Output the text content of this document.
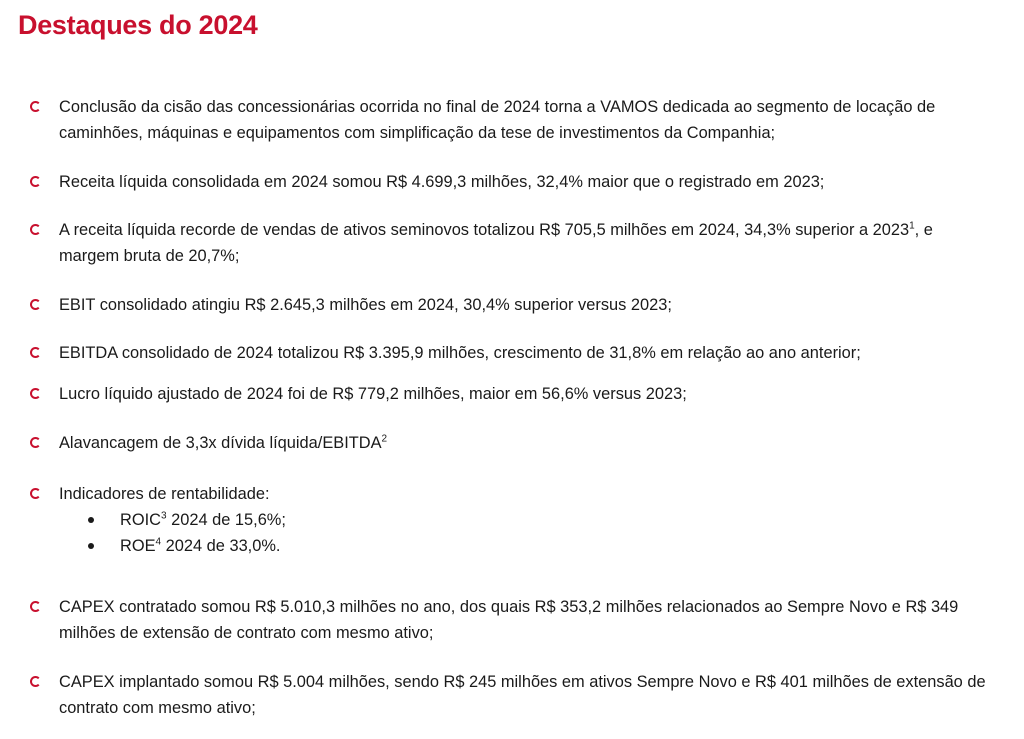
Destaques do 2024
Conclusão da cisão das concessionárias ocorrida no final de 2024 torna a VAMOS dedicada ao segmento de locação de caminhões, máquinas e equipamentos com simplificação da tese de investimentos da Companhia;
Receita líquida consolidada em 2024 somou R$ 4.699,3 milhões, 32,4% maior que o registrado em 2023;
A receita líquida recorde de vendas de ativos seminovos totalizou R$ 705,5 milhões em 2024, 34,3% superior a 2023$^1$, e margem bruta de 20,7%;
EBIT consolidado atingiu R$ 2.645,3 milhões em 2024, 30,4% superior versus 2023;
EBITDA consolidado de 2024 totalizou R$ 3.395,9 milhões, crescimento de 31,8% em relação ao ano anterior;
Lucro líquido ajustado de 2024 foi de R$ 779,2 milhões, maior em 56,6% versus 2023;
Alavancagem de 3,3x dívida líquida/EBITDA$^2$
Indicadores de rentabilidade:
ROIC$^3$ 2024 de 15,6%;
ROE$^4$ 2024 de 33,0%.
CAPEX contratado somou R$ 5.010,3 milhões no ano, dos quais R$ 353,2 milhões relacionados ao Sempre Novo e R$ 349 milhões de extensão de contrato com mesmo ativo;
CAPEX implantado somou R$ 5.004 milhões, sendo R$ 245 milhões em ativos Sempre Novo e R$ 401 milhões de extensão de contrato com mesmo ativo;
